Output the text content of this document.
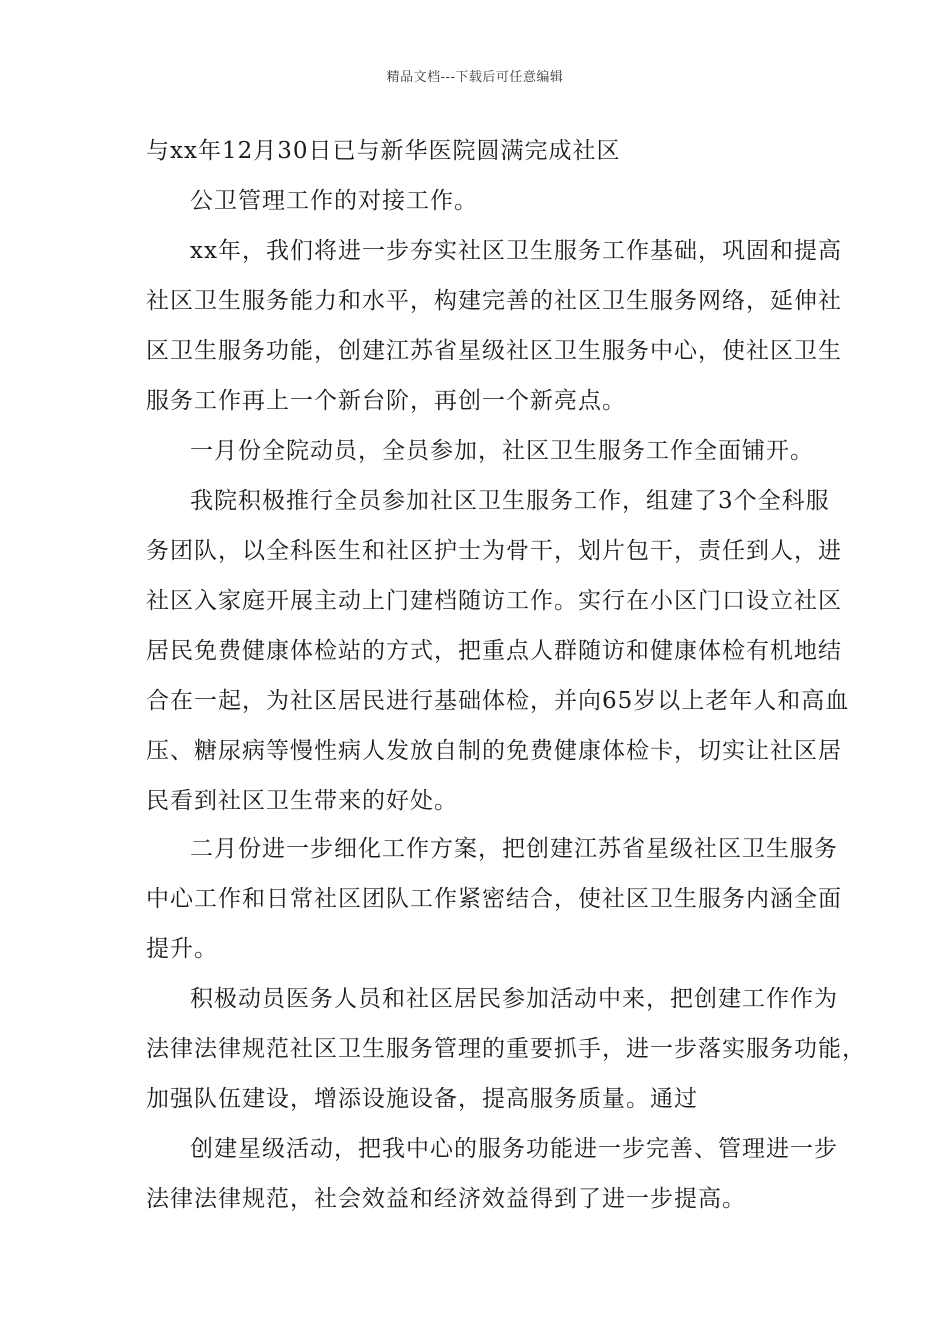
精品文档---下载后可任意编辑
与xx年12月30日已与新华医院圆满完成社区
公卫管理工作的对接工作。
xx年，我们将进一步夯实社区卫生服务工作基础，巩固和提高
社区卫生服务能力和水平，构建完善的社区卫生服务网络，延伸社
区卫生服务功能，创建江苏省星级社区卫生服务中心，使社区卫生
服务工作再上一个新台阶，再创一个新亮点。
一月份全院动员，全员参加，社区卫生服务工作全面铺开。
我院积极推行全员参加社区卫生服务工作，组建了3个全科服
务团队，以全科医生和社区护士为骨干，划片包干，责任到人，进
社区入家庭开展主动上门建档随访工作。实行在小区门口设立社区
居民免费健康体检站的方式，把重点人群随访和健康体检有机地结
合在一起，为社区居民进行基础体检，并向65岁以上老年人和高血
压、糖尿病等慢性病人发放自制的免费健康体检卡，切实让社区居
民看到社区卫生带来的好处。
二月份进一步细化工作方案，把创建江苏省星级社区卫生服务
中心工作和日常社区团队工作紧密结合，使社区卫生服务内涵全面
提升。
积极动员医务人员和社区居民参加活动中来，把创建工作作为
法律法律规范社区卫生服务管理的重要抓手，进一步落实服务功能，
加强队伍建设，增添设施设备，提高服务质量。通过
创建星级活动，把我中心的服务功能进一步完善、管理进一步
法律法律规范，社会效益和经济效益得到了进一步提高。
